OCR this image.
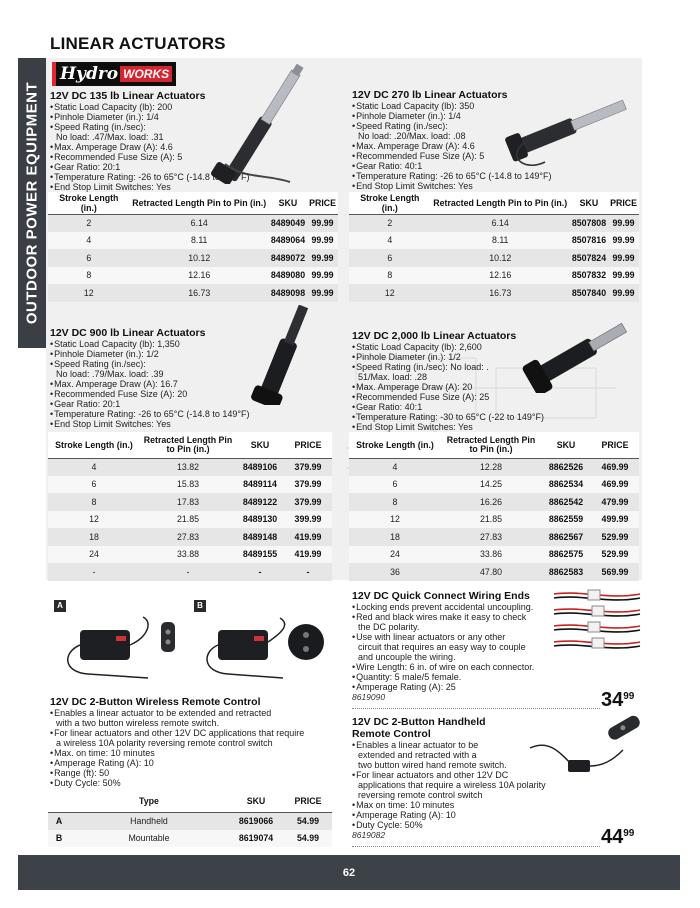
LINEAR ACTUATORS
OUTDOOR POWER EQUIPMENT
Hydro WORKS
12V DC 135 lb Linear Actuators
• Static Load Capacity (lb): 200
• Pinhole Diameter (in.): 1/4
• Speed Rating (in./sec):
No load: .47/Max. load: .31
• Max. Amperage Draw (A): 4.6
• Recommended Fuse Size (A): 5
• Gear Ratio: 20:1
• Temperature Rating: -26 to 65°C (-14.8 to 149°F)
• End Stop Limit Switches: Yes
Stroke Length (in.)	Retracted Length Pin to Pin (in.)	SKU	PRICE
2	6.14	8489049	99.99
4	8.11	8489064	99.99
6	10.12	8489072	99.99
8	12.16	8489080	99.99
12	16.73	8489098	99.99
12V DC 270 lb Linear Actuators
• Static Load Capacity (lb): 350
• Pinhole Diameter (in.): 1/4
• Speed Rating (in./sec):
No load: .20/Max. load: .08
• Max. Amperage Draw (A): 4.6
• Recommended Fuse Size (A): 5
• Gear Ratio: 40:1
• Temperature Rating: -26 to 65°C (-14.8 to 149°F)
• End Stop Limit Switches: Yes
Stroke Length (in.)	Retracted Length Pin to Pin (in.)	SKU	PRICE
2	6.14	8507808	99.99
4	8.11	8507816	99.99
6	10.12	8507824	99.99
8	12.16	8507832	99.99
12	16.73	8507840	99.99
12V DC 900 lb Linear Actuators
• Static Load Capacity (lb): 1,350
• Pinhole Diameter (in.): 1/2
• Speed Rating (in./sec):
No load: .79/Max. load: .39
• Max. Amperage Draw (A): 16.7
• Recommended Fuse Size (A): 20
• Gear Ratio: 20:1
• Temperature Rating: -26 to 65°C (-14.8 to 149°F)
• End Stop Limit Switches: Yes
Stroke Length (in.)	Retracted Length Pin to Pin (in.)	SKU	PRICE
4	13.82	8489106	379.99
6	15.83	8489114	379.99
8	17.83	8489122	379.99
12	21.85	8489130	399.99
18	27.83	8489148	419.99
24	33.88	8489155	419.99
-	-	-	-
12V DC 2,000 lb Linear Actuators
• Static Load Capacity (lb): 2,600
• Pinhole Diameter (in.): 1/2
• Speed Rating (in./sec): No load: .
51/Max. load: .28
• Max. Amperage Draw (A): 20
• Recommended Fuse Size (A): 25
• Gear Ratio: 40:1
• Temperature Rating: -30 to 65°C (-22 to 149°F)
• End Stop Limit Switches: Yes
Stroke Length (in.)	Retracted Length Pin to Pin (in.)	SKU	PRICE
4	12.28	8862526	469.99
6	14.25	8862534	469.99
8	16.26	8862542	479.99
12	21.85	8862559	499.99
18	27.83	8862567	529.99
24	33.86	8862575	529.99
36	47.80	8862583	569.99
A	B
12V DC 2-Button Wireless Remote Control
• Enables a linear actuator to be extended and retracted
with a two button wireless remote switch.
• For linear actuators and other 12V DC applications that require
a wireless 10A polarity reversing remote control switch
• Max. on time: 10 minutes
• Amperage Rating (A): 10
• Range (ft): 50
• Duty Cycle: 50%
	Type	SKU	PRICE
A	Handheld	8619066	54.99
B	Mountable	8619074	54.99
12V DC Quick Connect Wiring Ends
• Locking ends prevent accidental uncoupling.
• Red and black wires make it easy to check
the DC polarity.
• Use with linear actuators or any other
circuit that requires an easy way to couple
and uncouple the wiring.
• Wire Length: 6 in. of wire on each connector.
• Quantity: 5 male/5 female.
• Amperage Rating (A): 25
8619090	$34^{99}$
12V DC 2-Button Handheld
Remote Control
• Enables a linear actuator to be
extended and retracted with a
two button wired hand remote switch.
• For linear actuators and other 12V DC
applications that require a wireless 10A polarity
reversing remote control switch
• Max on time: 10 minutes
• Amperage Rating (A): 10
• Duty Cycle: 50%
8619082	$44^{99}$
62
